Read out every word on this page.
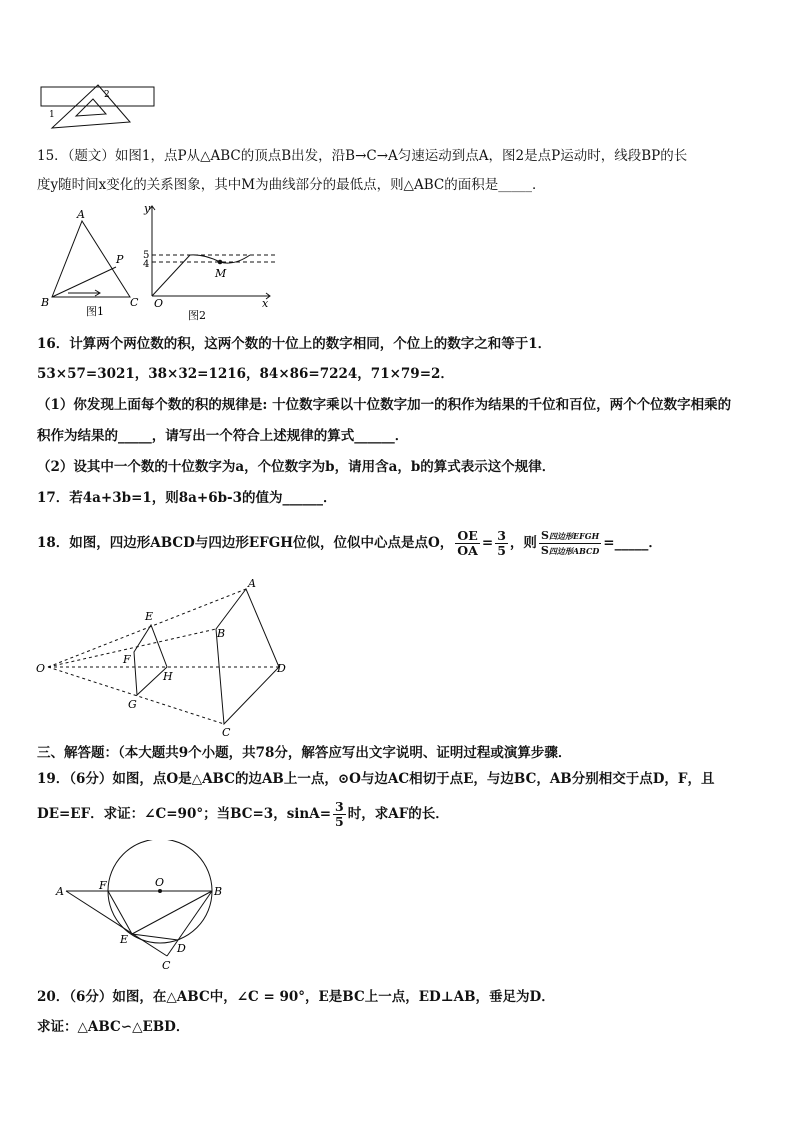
2
1
15．（题文）如图1，点P从△ABC的顶点B出发，沿B→C→A匀速运动到点A，图2是点P运动时，线段BP的长
度y随时间x变化的关系图象，其中M为曲线部分的最低点，则△ABC的面积是_____．
A
B	C
P
图1
y
x
O
5
4
M
图2
16．计算两个两位数的积，这两个数的十位上的数字相同，个位上的数字之和等于1．
53×57=3021，38×32=1216，84×86=7224，71×79=2．
（1）你发现上面每个数的积的规律是: 十位数字乘以十位数字加一的积作为结果的千位和百位，两个个位数字相乘的
积作为结果的_____，请写出一个符合上述规律的算式______．
（2）设其中一个数的十位数字为a，个位数字为b，请用含a，b的算式表示这个规律．
17．若4a+3b=1，则8a+6b-3的值为______．
18．如图，四边形ABCD与四边形EFGH位似，位似中心点是点O， $\frac{OE}{OA} = \frac{3}{5}$ ，则 $\frac{\text{S四边形EFGH}}{\text{S四边形ABCD}}$ =_____．
O
A
B
C
D
E
F
G
H
三、解答题：（本大题共9个小题，共78分，解答应写出文字说明、证明过程或演算步骤．
19．（6分）如图，点O是△ABC的边AB上一点，⊙O与边AC相切于点E，与边BC，AB分别相交于点D，F，且
DE=EF．求证：∠C=90°；当BC=3，$\sin A= \frac{3}{5}$ 时，求AF的长．
A	F	O
B
E
D
C
20．（6分）如图，在△ABC中，∠C = 90°，E是BC上一点，ED⊥AB，垂足为D．
求证：△ABC∽△EBD．
